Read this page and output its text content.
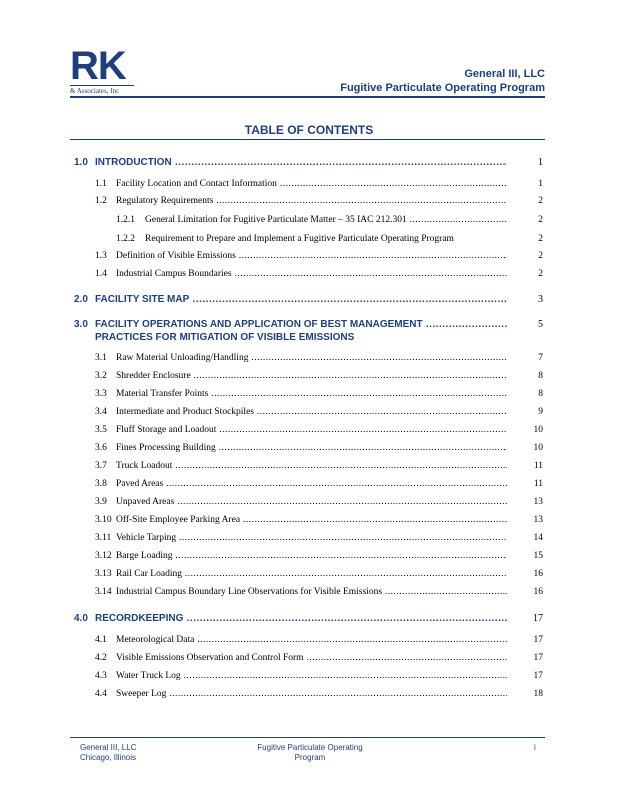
RK
& Associates, Inc
General III, LLC
Fugitive Particulate Operating Program
TABLE OF CONTENTS
1.0 INTRODUCTION .....	1
1.1 Facility Location and Contact Information .....	1
1.2 Regulatory Requirements .....	2
1.2.1 General Limitation for Fugitive Particulate Matter – 35 IAC 212.301 .....	2
1.2.2 Requirement to Prepare and Implement a Fugitive Particulate Operating Program	2
1.3 Definition of Visible Emissions .....	2
1.4 Industrial Campus Boundaries .....	2
2.0 FACILITY SITE MAP .....	3
3.0 FACILITY OPERATIONS AND APPLICATION OF BEST MANAGEMENT .....	5
PRACTICES FOR MITIGATION OF VISIBLE EMISSIONS
3.1 Raw Material Unloading/Handling .....	7
3.2 Shredder Enclosure .....	8
3.3 Material Transfer Points .....	8
3.4 Intermediate and Product Stockpiles .....	9
3.5 Fluff Storage and Loadout .....	10
3.6 Fines Processing Building .....	10
3.7 Truck Loadout .....	11
3.8 Paved Areas .....	11
3.9 Unpaved Areas .....	13
3.10 Off-Site Employee Parking Area .....	13
3.11 Vehicle Tarping .....	14
3.12 Barge Loading .....	15
3.13 Rail Car Loading .....	16
3.14 Industrial Campus Boundary Line Observations for Visible Emissions .....	16
4.0 RECORDKEEPING .....	17
4.1 Meteorological Data .....	17
4.2 Visible Emissions Observation and Control Form .....	17
4.3 Water Truck Log .....	17
4.4 Sweeper Log .....	18
General III, LLC
Chicago, Illinois
Fugitive Particulate Operating
Program
i
